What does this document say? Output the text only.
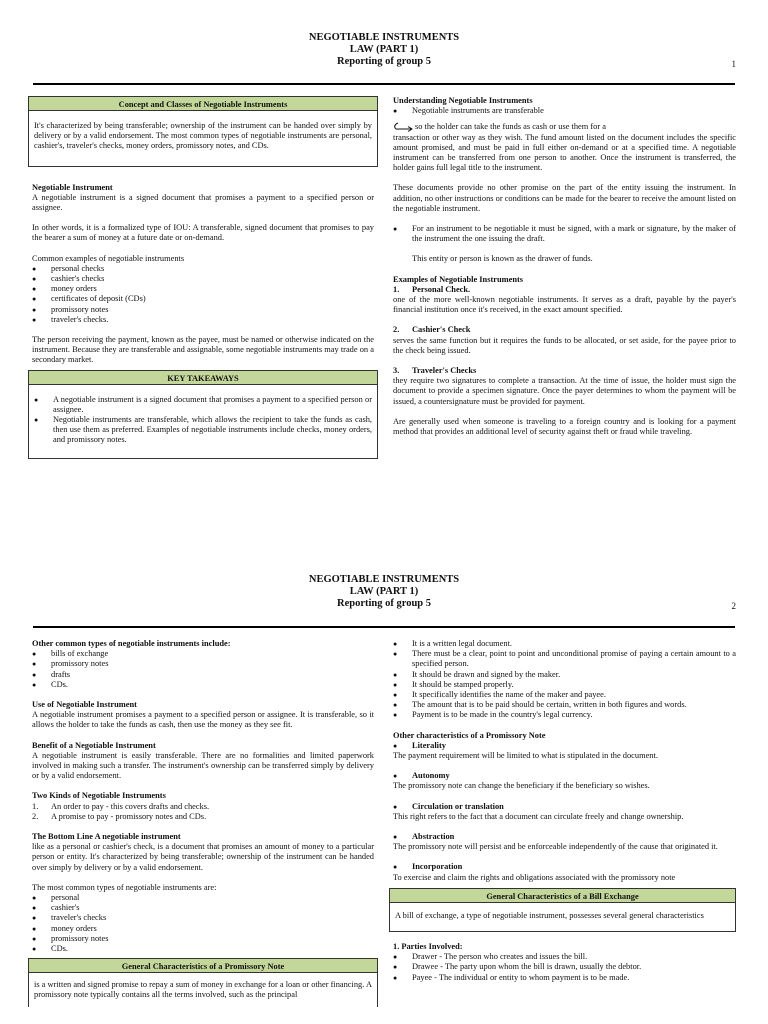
NEGOTIABLE INSTRUMENTS
LAW (PART 1)
Reporting of group 5	1
Concept and Classes of Negotiable Instruments

It's characterized by being transferable; ownership of the instrument can be handed over simply by delivery or by a valid endorsement. The most common types of negotiable instruments are personal, cashier's, traveler's checks, money orders, promissory notes, and CDs.

Negotiable Instrument

A negotiable instrument is a signed document that promises a payment to a specified person or assignee.

In other words, it is a formalized type of IOU: A transferable, signed document that promises to pay the bearer a sum of money at a future date or on-demand.

Common examples of negotiable instruments
● personal checks
● cashier's checks
● money orders
● certificates of deposit (CDs)
● promissory notes
● traveler's checks.

The person receiving the payment, known as the payee, must be named or otherwise indicated on the instrument. Because they are transferable and assignable, some negotiable instruments may trade on a secondary market.

KEY TAKEAWAYS
● A negotiable instrument is a signed document that promises a payment to a specified person or assignee.
● Negotiable instruments are transferable, which allows the recipient to take the funds as cash, then use them as preferred. Examples of negotiable instruments include checks, money orders, and promissory notes.
Understanding Negotiable Instruments
● Negotiable instruments are transferable
so the holder can take the funds as cash or use them for a

transaction or other way as they wish. The fund amount listed on the document includes the specific amount promised, and must be paid in full either on-demand or at a specified time. A negotiable instrument can be transferred from one person to another. Once the instrument is transferred, the holder gains full legal title to the instrument.

These documents provide no other promise on the part of the entity issuing the instrument. In addition, no other instructions or conditions can be made for the bearer to receive the amount listed on the negotiable instrument.

● For an instrument to be negotiable it must be signed, with a mark or signature, by the maker of the instrument the one issuing the draft.
This entity or person is known as the drawer of funds.
Examples of Negotiable Instruments
1. Personal Check.

one of the more well-known negotiable instruments. It serves as a draft, payable by the payer's financial institution once it's received, in the exact amount specified.

2. Cashier's Check

serves the same function but it requires the funds to be allocated, or set aside, for the payee prior to the check being issued.

3. Traveler's Checks

they require two signatures to complete a transaction. At the time of issue, the holder must sign the document to provide a specimen signature. Once the payer determines to whom the payment will be issued, a countersignature must be provided for payment.

Are generally used when someone is traveling to a foreign country and is looking for a payment method that provides an additional level of security against theft or fraud while traveling.

NEGOTIABLE INSTRUMENTS
LAW (PART 1)
Reporting of group 5	2
Other common types of negotiable instruments include:
● bills of exchange
● promissory notes
● drafts
● CDs.
Use of Negotiable Instrument

A negotiable instrument promises a payment to a specified person or assignee. It is transferable, so it allows the holder to take the funds as cash, then use the money as they see fit.

Benefit of a Negotiable Instrument

A negotiable instrument is easily transferable. There are no formalities and limited paperwork involved in making such a transfer. The instrument's ownership can be transferred simply by delivery or by a valid endorsement.

Two Kinds of Negotiable Instruments
1. An order to pay - this covers drafts and checks.
2. A promise to pay - promissory notes and CDs.
The Bottom Line A negotiable instrument

like as a personal or cashier's check, is a document that promises an amount of money to a particular person or entity. It's characterized by being transferable; ownership of the instrument can be handed over simply by delivery or by a valid endorsement.

The most common types of negotiable instruments are:
● personal
● cashier's
● traveler's checks
● money orders
● promissory notes
● CDs.
General Characteristics of a Promissory Note

is a written and signed promise to repay a sum of money in exchange for a loan or other financing. A promissory note typically contains all the terms involved, such as the principal

● It is a written legal document.
● There must be a clear, point to point and unconditional promise of paying a certain amount to a specified person.
● It should be drawn and signed by the maker.
● It should be stamped properly.
● It specifically identifies the name of the maker and payee.
● The amount that is to be paid should be certain, written in both figures and words.
● Payment is to be made in the country's legal currency.
Other characteristics of a Promissory Note
● Literality

The payment requirement will be limited to what is stipulated in the document.

● Autonomy

The promissory note can change the beneficiary if the beneficiary so wishes.

● Circulation or translation

This right refers to the fact that a document can circulate freely and change ownership.

● Abstraction

The promissory note will persist and be enforceable independently of the cause that originated it.

● Incorporation

To exercise and claim the rights and obligations associated with the promissory note

General Characteristics of a Bill Exchange

A bill of exchange, a type of negotiable instrument, possesses several general characteristics

1. Parties Involved:
● Drawer - The person who creates and issues the bill.
● Drawee - The party upon whom the bill is drawn, usually the debtor.
● Payee - The individual or entity to whom payment is to be made.
